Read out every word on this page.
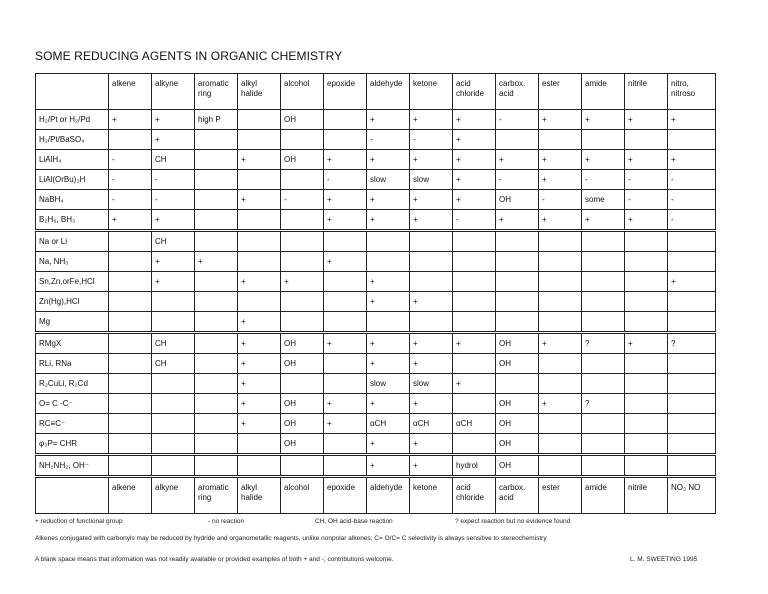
SOME REDUCING AGENTS IN ORGANIC CHEMISTRY
	alkene	alkyne	aromatic ring	alkyl halide	alcohol	epoxide	aldehyde	ketone	acid chloride	carbox. acid	ester	amide	nitrile	nitro, nitroso
H₂/Pt or H₂/Pd	+	+	high P		OH		+	+	+	-	+	+	+	+
H₂/Pt/BaSO₄		+					-	-	+					
LiAlH₄	-	CH		+	OH	+	+	+	+	+	+	+	+	+
LiAl(OrBu)₃H	-	-				-	slow	slow	+	-	+	-	-	-
NaBH₄	-	-		+	-	+	+	+	+	OH	-	some	-	-
B₂H₆, BH₃	+	+				+	+	+	-	+	+	+	+	-
Na or Li		CH												
Na, NH₃		+	+			+								
Sn,Zn,orFe,HCl		+		+	+		+							+
Zn(Hg),HCl							+	+						
Mg				+										
RMgX		CH		+	OH	+	+	+	+	OH	+	?	+	?
RLi, RNa		CH		+	OH		+	+		OH				
R₂CuLi, R₂Cd				+			slow	slow	+					
O= C -C⁻				+	OH	+	+	+		OH	+	?		
RC≡C⁻				+	OH	+	αCH	αCH	αCH	OH				
φ₃P= CHR					OH		+	+		OH				
NH₂NH₂, OH⁻							+	+	hydrol	OH				
	alkene	alkyne	aromatic ring	alkyl halide	alcohol	epoxide	aldehyde	ketone	acid chloride	carbox. acid	ester	amide	nitrile	NO₂ NO
+ reduction of functional group	- no reaction	CH, OH acid-base reaction	? expect reaction but no evidence found
Alkenes conjugated with carbonyls may be reduced by hydride and organometallic reagents, unlike nonpolar alkenes; C= O/C= C selectivity is always sensitive to stereochemistry
A blank space means that information was not readily available or provided examples of both + and -; contributions welcome.	L. M. SWEETING 1995
